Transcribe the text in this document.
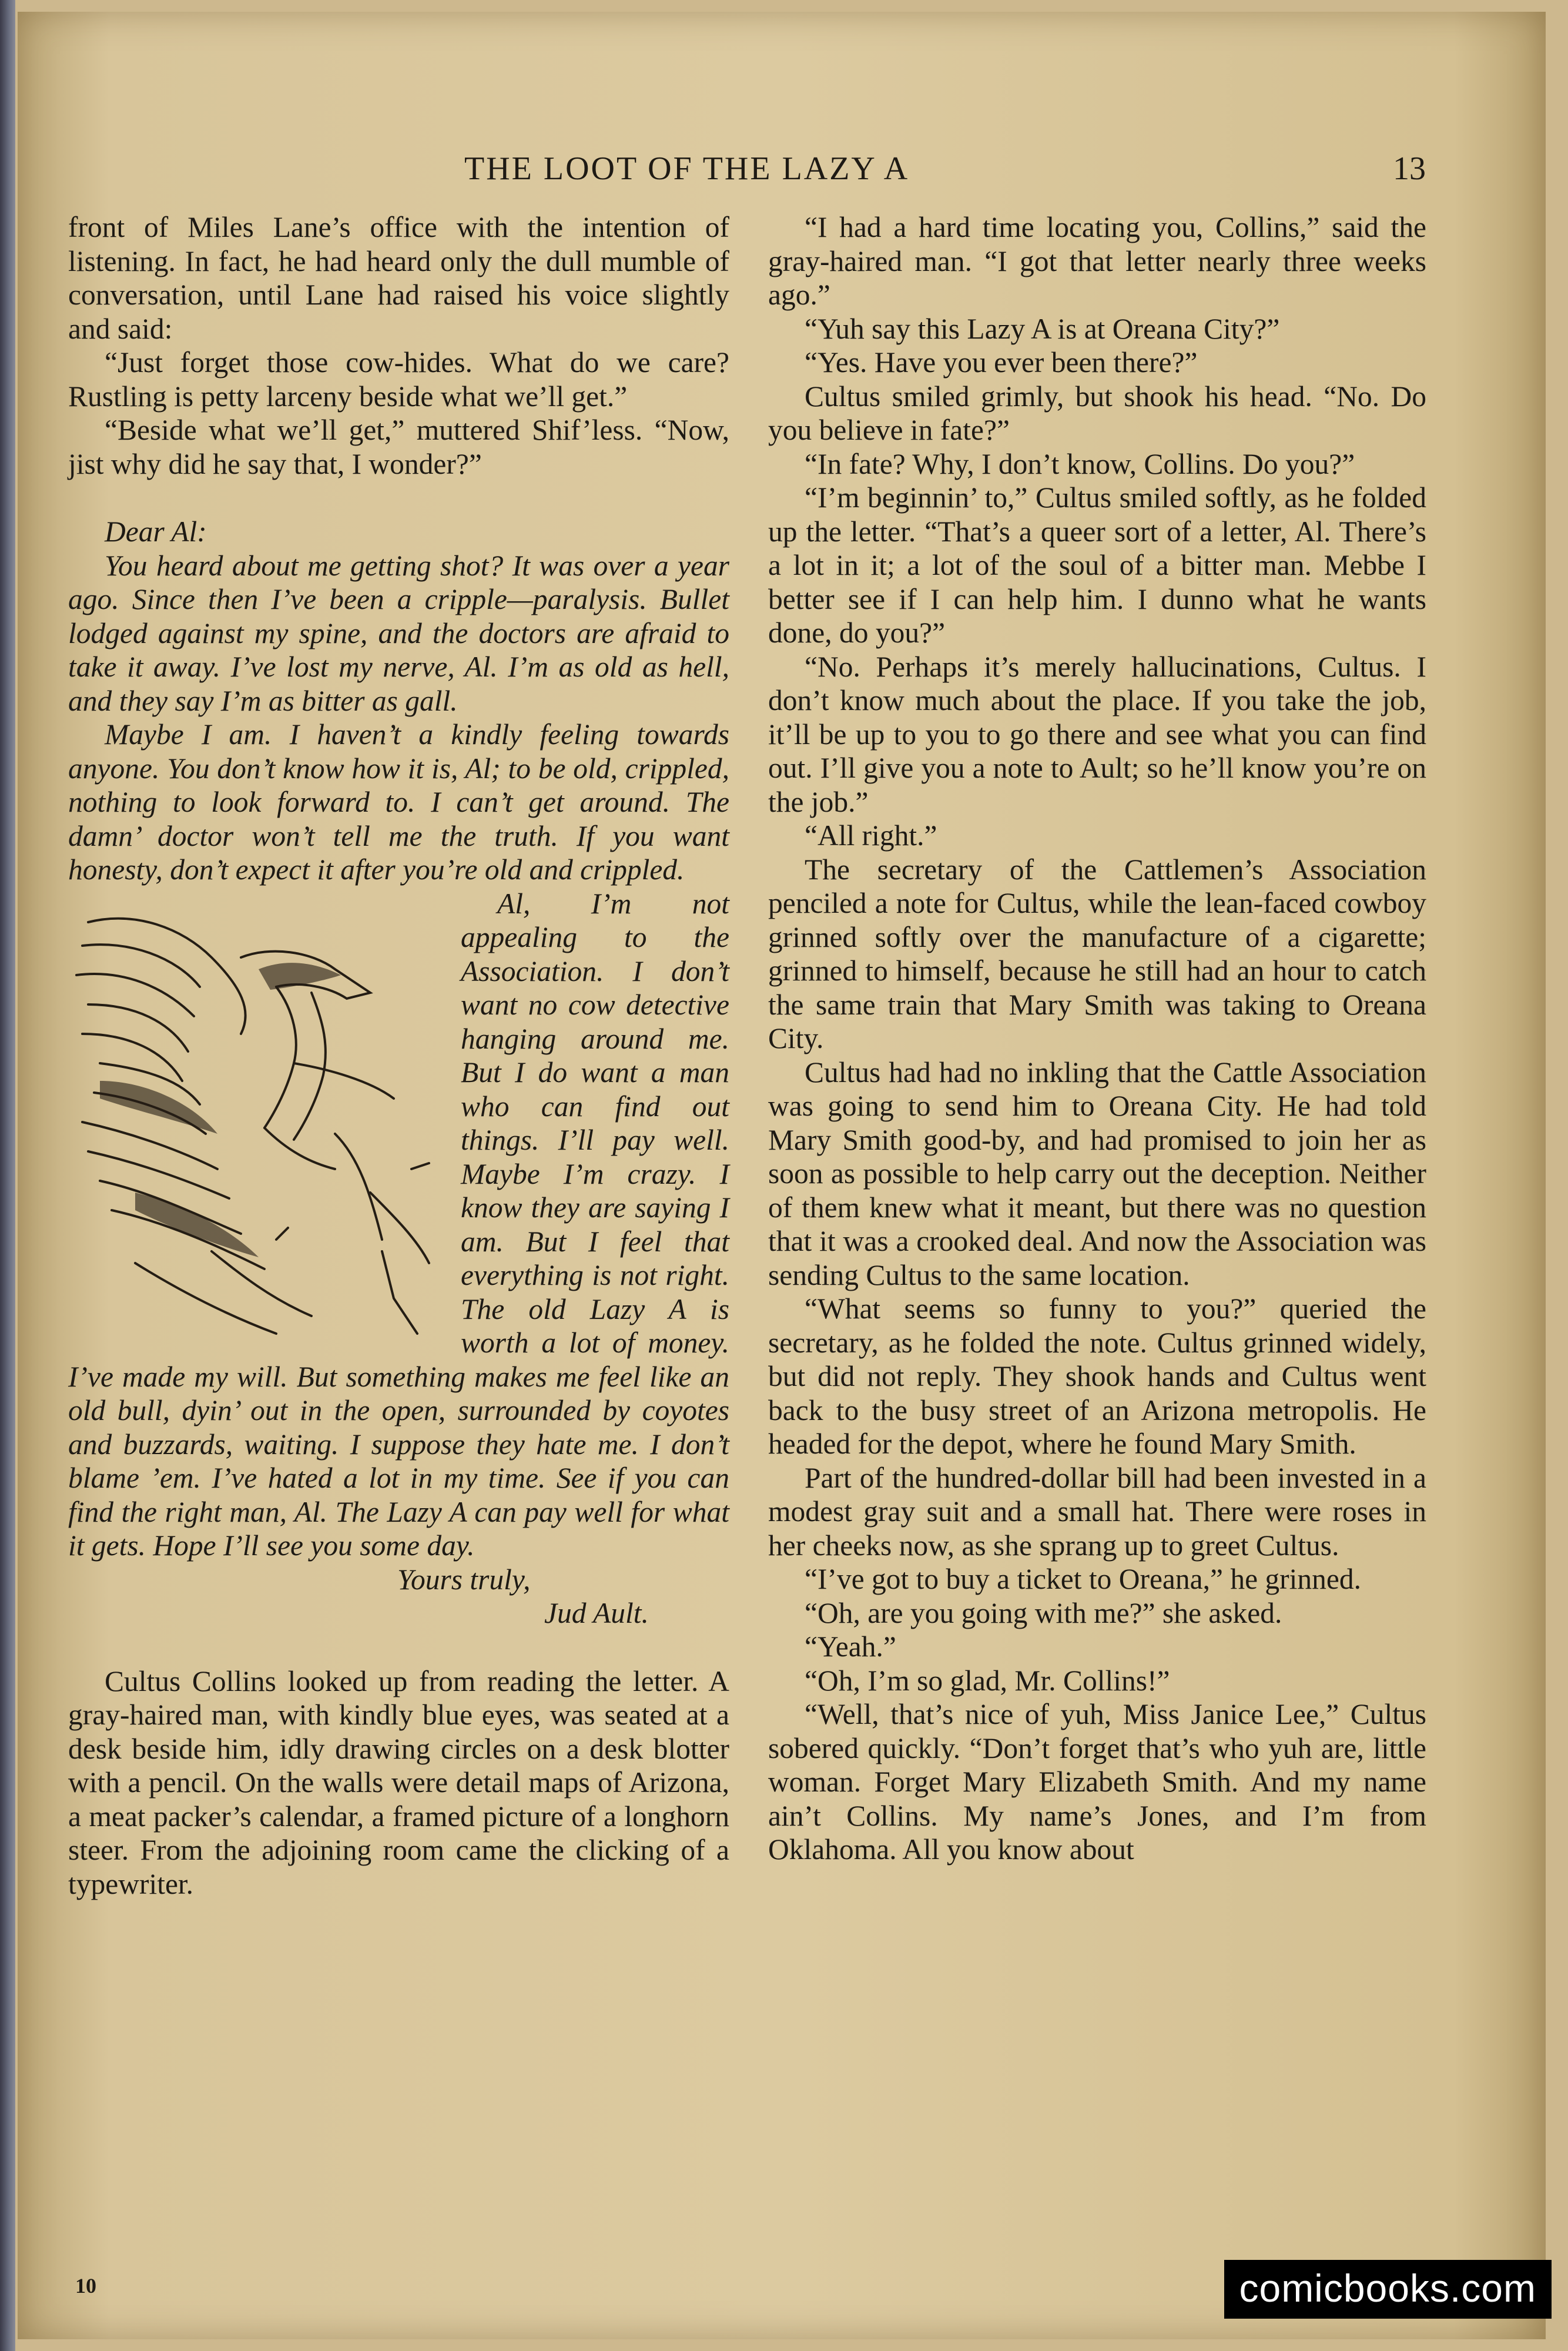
THE LOOT OF THE LAZY A	13

front of Miles Lane’s office with the intention of listening. In fact, he had heard only the dull mumble of conversation, until Lane had raised his voice slightly and said:

“Just forget those cow-hides. What do we care? Rustling is petty larceny beside what we’ll get.”

“Beside what we’ll get,” muttered Shif’less. “Now, jist why did he say that, I wonder?”

Dear Al:

You heard about me getting shot? It was over a year ago. Since then I’ve been a cripple—paralysis. Bullet lodged against my spine, and the doctors are afraid to take it away. I’ve lost my nerve, Al. I’m as old as hell, and they say I’m as bitter as gall.

Maybe I am. I haven’t a kindly feeling towards anyone. You don’t know how it is, Al; to be old, crippled, nothing to look forward to. I can’t get around. The damn’ doctor won’t tell me the truth. If you want honesty, don’t expect it after you’re old and crippled.

Al, I’m not appealing to the Association. I don’t want no cow detective hanging around me. But I do want a man who can find out things. I’ll pay well. Maybe I’m crazy. I know they are saying I am. But I feel that everything is not right. The old Lazy A is worth a lot of money. I’ve made my will. But something makes me feel like an old bull, dyin’ out in the open, surrounded by coyotes and buzzards, waiting. I suppose they hate me. I don’t blame ’em. I’ve hated a lot in my time. See if you can find the right man, Al. The Lazy A can pay well for what it gets. Hope I’ll see you some day.

Yours truly,

Jud Ault.

Cultus Collins looked up from reading the letter. A gray-haired man, with kindly blue eyes, was seated at a desk beside him, idly drawing circles on a desk blotter with a pencil. On the walls were detail maps of Arizona, a meat packer’s calendar, a framed picture of a longhorn steer. From the adjoining room came the clicking of a typewriter.

“I had a hard time locating you, Collins,” said the gray-haired man. “I got that letter nearly three weeks ago.”

“Yuh say this Lazy A is at Oreana City?”

“Yes. Have you ever been there?”

Cultus smiled grimly, but shook his head. “No. Do you believe in fate?”

“In fate? Why, I don’t know, Collins. Do you?”

“I’m beginnin’ to,” Cultus smiled softly, as he folded up the letter. “That’s a queer sort of a letter, Al. There’s a lot in it; a lot of the soul of a bitter man. Mebbe I better see if I can help him. I dunno what he wants done, do you?”

“No. Perhaps it’s merely hallucinations, Cultus. I don’t know much about the place. If you take the job, it’ll be up to you to go there and see what you can find out. I’ll give you a note to Ault; so he’ll know you’re on the job.”

“All right.”

The secretary of the Cattlemen’s Association penciled a note for Cultus, while the lean-faced cowboy grinned softly over the manufacture of a cigarette; grinned to himself, because he still had an hour to catch the same train that Mary Smith was taking to Oreana City.

Cultus had had no inkling that the Cattle Association was going to send him to Oreana City. He had told Mary Smith good-by, and had promised to join her as soon as possible to help carry out the deception. Neither of them knew what it meant, but there was no question that it was a crooked deal. And now the Association was sending Cultus to the same location.

“What seems so funny to you?” queried the secretary, as he folded the note. Cultus grinned widely, but did not reply. They shook hands and Cultus went back to the busy street of an Arizona metropolis. He headed for the depot, where he found Mary Smith.

Part of the hundred-dollar bill had been invested in a modest gray suit and a small hat. There were roses in her cheeks now, as she sprang up to greet Cultus.

“I’ve got to buy a ticket to Oreana,” he grinned.

“Oh, are you going with me?” she asked.

“Yeah.”

“Oh, I’m so glad, Mr. Collins!”

“Well, that’s nice of yuh, Miss Janice Lee,” Cultus sobered quickly. “Don’t forget that’s who yuh are, little woman. Forget Mary Elizabeth Smith. And my name ain’t Collins. My name’s Jones, and I’m from Oklahoma. All you know about

10	comicbooks.com
